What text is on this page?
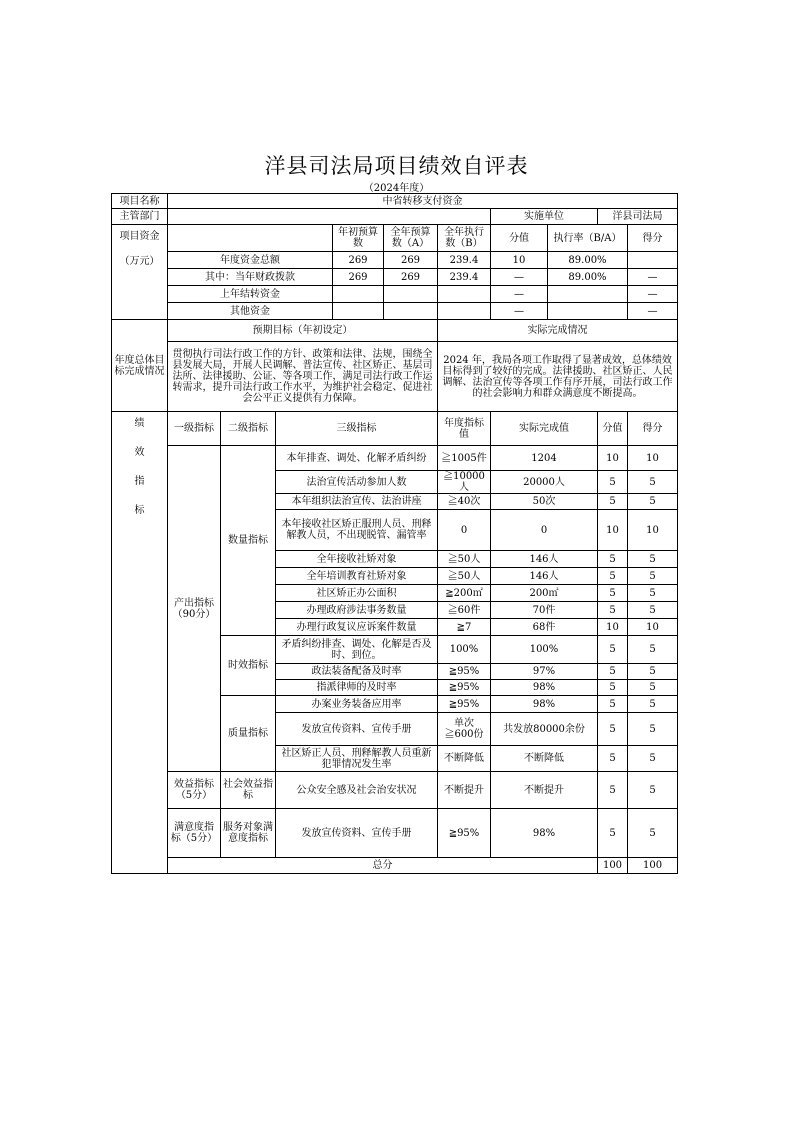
洋县司法局项目绩效自评表
（2024年度）
项目名称	中省转移支付资金									
主管部门							实施单位		洋县司法局	

项目资金
（万元）				年初预算数	全年预算数（A）	全年执行数（B）	分值	执行率（B/A）		得分
	年度资金总额			269	269	239.4	10	89.00%		
	其中：当年财政拨款			269	269	239.4	—	89.00%		—
	上年结转资金						—			—
	其他资金						—			—
年度总体目标完成情况	预期目标（年初设定）					实际完成情况				
	贯彻执行司法行政工作的方针、政策和法律、法规，围绕全县发展大局，开展人民调解、普法宣传、社区矫正、基层司法所、法律援助、公证、等各项工作，满足司法行政工作运转需求，提升司法行政工作水平，为维护社会稳定、促进社会公平正义提供有力保障。					2024 年，我局各项工作取得了显著成效，总体绩效目标得到了较好的完成。法律援助、社区矫正、人民调解、法治宣传等各项工作有序开展，司法行政工作的社会影响力和群众满意度不断提高。				

绩
效
指
标	一级指标	二级指标	三级指标			年度指标值	实际完成值		分值	得分
	产出指标（90分）	数量指标	本年排查、调处、化解矛盾纠纷			≧1005件	1204		10	10
			法治宣传活动参加人数			≧10000人	20000人		5	5
			本年组织法治宣传、法治讲座			≧40次	50次		5	5
			本年接收社区矫正服刑人员、刑释解教人员，不出现脱管、漏管率			0	0		10	10
			全年接收社矫对象			≧50人	146人		5	5
			全年培训教育社矫对象			≧50人	146人		5	5
			社区矫正办公面积			≧200㎡	200㎡		5	5
			办理政府涉法事务数量			≧60件	70件		5	5
			办理行政复议应诉案件数量			≧7	68件		10	10
		时效指标	矛盾纠纷排查、调处、化解是否及时、到位。			100%	100%		5	5
			政法装备配备及时率			≧95%	97%		5	5
			指派律师的及时率			≧95%	98%		5	5
		质量指标	办案业务装备应用率			≧95%	98%		5	5
			发放宣传资料、宣传手册			单次≧600份	共发放80000余份		5	5
			社区矫正人员、刑释解教人员重新犯罪情况发生率			不断降低	不断降低		5	5
	效益指标（5分）	社会效益指标	公众安全感及社会治安状况			不断提升	不断提升		5	5
	满意度指标（5分）	服务对象满意度指标	发放宣传资料、宣传手册			≧95%	98%		5	5
	总分								100	100
